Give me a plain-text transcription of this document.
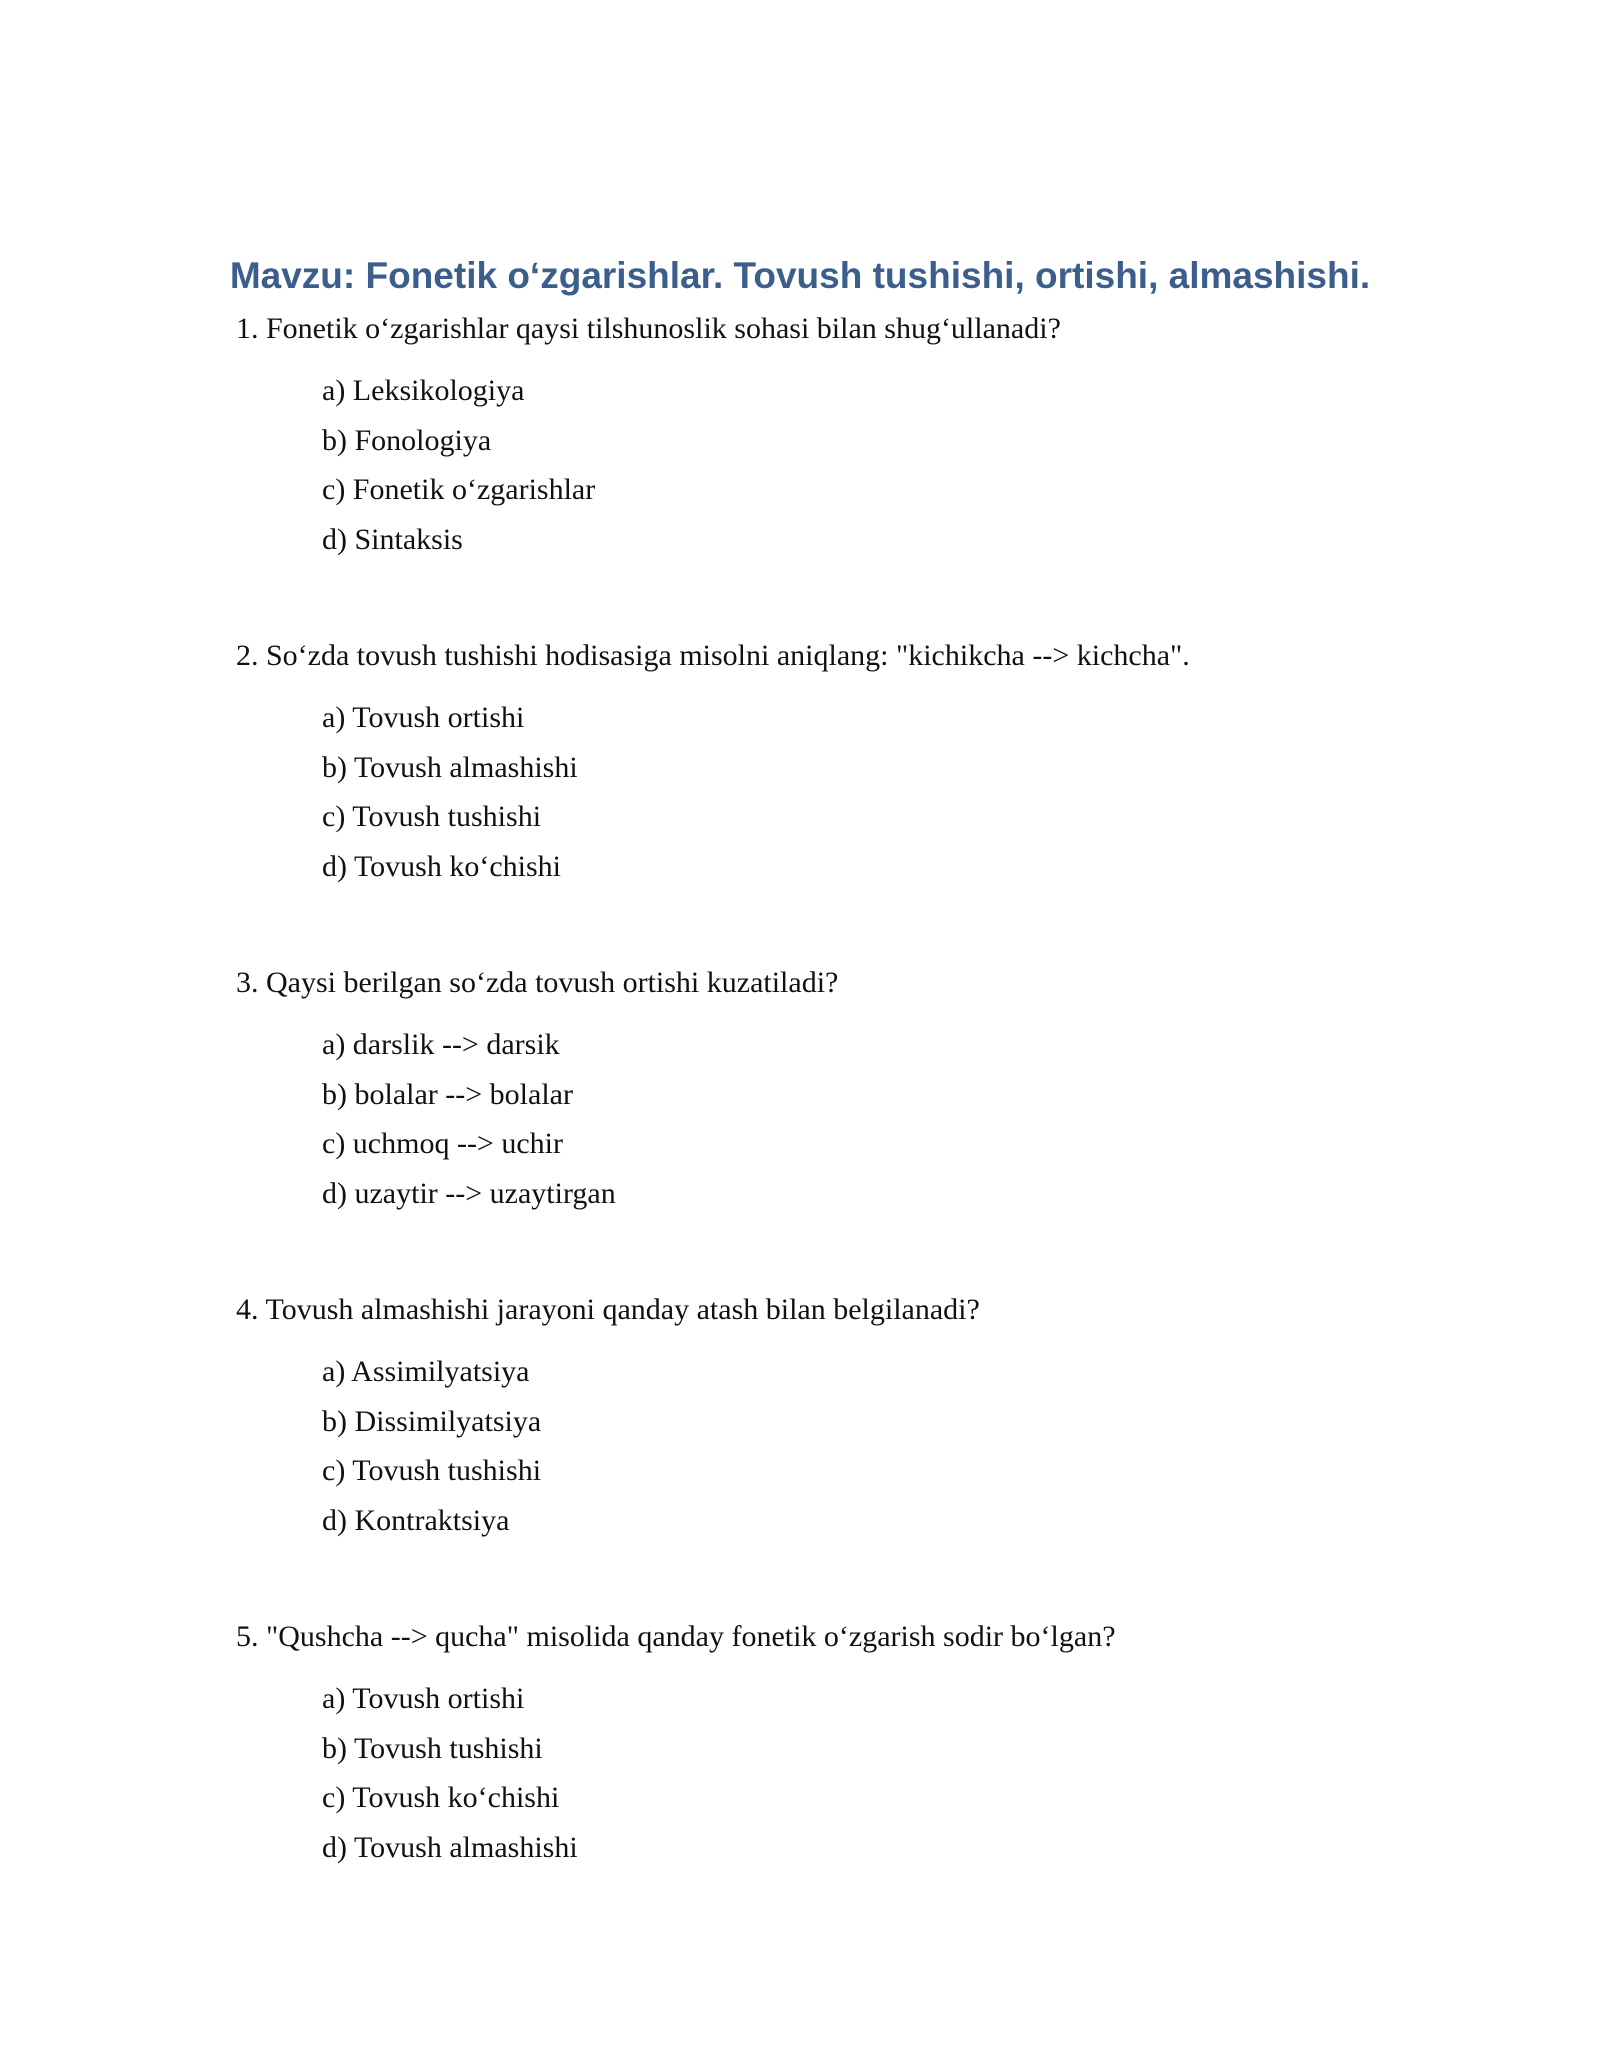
Mavzu: Fonetik o‘zgarishlar. Tovush tushishi, ortishi, almashishi.
1. Fonetik o‘zgarishlar qaysi tilshunoslik sohasi bilan shug‘ullanadi?
a) Leksikologiya
b) Fonologiya
c) Fonetik o‘zgarishlar
d) Sintaksis
2. So‘zda tovush tushishi hodisasiga misolni aniqlang: "kichikcha --> kichcha".
a) Tovush ortishi
b) Tovush almashishi
c) Tovush tushishi
d) Tovush ko‘chishi
3. Qaysi berilgan so‘zda tovush ortishi kuzatiladi?
a) darslik --> darsik
b) bolalar --> bolalar
c) uchmoq --> uchir
d) uzaytir --> uzaytirgan
4. Tovush almashishi jarayoni qanday atash bilan belgilanadi?
a) Assimilyatsiya
b) Dissimilyatsiya
c) Tovush tushishi
d) Kontraktsiya
5. "Qushcha --> qucha" misolida qanday fonetik o‘zgarish sodir bo‘lgan?
a) Tovush ortishi
b) Tovush tushishi
c) Tovush ko‘chishi
d) Tovush almashishi
